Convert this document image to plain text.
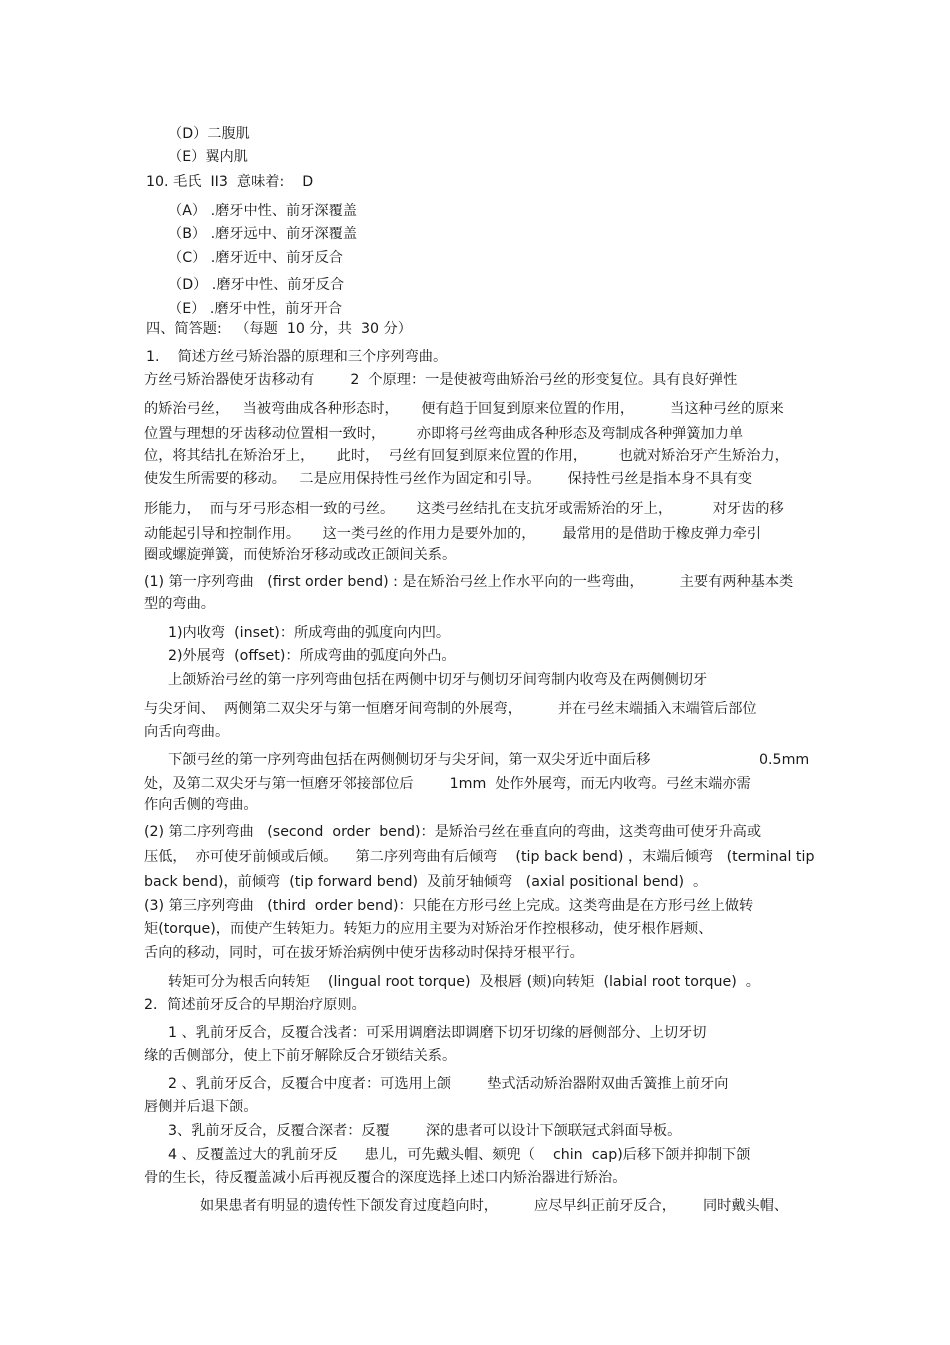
（D）二腹肌
（E）翼内肌
10. 毛氏  II3  意味着:    D
（A） .磨牙中性、前牙深覆盖
（B） .磨牙远中、前牙深覆盖
（C） .磨牙近中、前牙反合
（D） .磨牙中性、前牙反合
（E） .磨牙中性，前牙开合
四、简答题:   （每题  10 分，共  30 分）
1.    简述方丝弓矫治器的原理和三个序列弯曲。
方丝弓矫治器使牙齿移动有        2  个原理：一是使被弯曲矫治弓丝的形变复位。具有良好弹性
的矫治弓丝，   当被弯曲成各种形态时，     便有趋于回复到原来位置的作用，        当这种弓丝的原来
位置与理想的牙齿移动位置相一致时，       亦即将弓丝弯曲成各种形态及弯制成各种弹簧加力单
位，将其结扎在矫治牙上，     此时，  弓丝有回复到原来位置的作用，       也就对矫治牙产生矫治力，
使发生所需要的移动。   二是应用保持性弓丝作为固定和引导。      保持性弓丝是指本身不具有变
形能力，  而与牙弓形态相一致的弓丝。     这类弓丝结扎在支抗牙或需矫治的牙上，         对牙齿的移
动能起引导和控制作用。     这一类弓丝的作用力是要外加的，      最常用的是借助于橡皮弹力牵引
圈或螺旋弹簧，而使矫治牙移动或改正颌间关系。
(1) 第一序列弯曲   (first order bend) : 是在矫治弓丝上作水平向的一些弯曲，        主要有两种基本类
型的弯曲。
1)内收弯  (inset)：所成弯曲的弧度向内凹。
2)外展弯  (offset)：所成弯曲的弧度向外凸。
上颌矫治弓丝的第一序列弯曲包括在两侧中切牙与侧切牙间弯制内收弯及在两侧侧切牙
与尖牙间、  两侧第二双尖牙与第一恒磨牙间弯制的外展弯，        并在弓丝末端插入末端管后部位
向舌向弯曲。
下颌弓丝的第一序列弯曲包括在两侧侧切牙与尖牙间，第一双尖牙近中面后移	0.5mm
处，及第二双尖牙与第一恒磨牙邻接部位后        1mm  处作外展弯，而无内收弯。弓丝末端亦需
作向舌侧的弯曲。
(2) 第二序列弯曲   (second  order  bend)：是矫治弓丝在垂直向的弯曲，这类弯曲可使牙升高或
压低，  亦可使牙前倾或后倾。    第二序列弯曲有后倾弯    (tip back bend) ，末端后倾弯   (terminal tip
back bend)，前倾弯  (tip forward bend)  及前牙轴倾弯   (axial positional bend)  。
(3) 第三序列弯曲   (third  order bend)：只能在方形弓丝上完成。这类弯曲是在方形弓丝上做转
矩(torque)，而使产生转矩力。转矩力的应用主要为对矫治牙作控根移动，使牙根作唇颊、
舌向的移动，同时，可在拔牙矫治病例中使牙齿移动时保持牙根平行。
转矩可分为根舌向转矩    (lingual root torque)  及根唇 (颊)向转矩  (labial root torque)  。
2．简述前牙反合的早期治疗原则。
1 、乳前牙反合，反覆合浅者：可采用调磨法即调磨下切牙切缘的唇侧部分、上切牙切
缘的舌侧部分，使上下前牙解除反合牙锁结关系。
2 、乳前牙反合，反覆合中度者：可选用上颌        垫式活动矫治器附双曲舌簧推上前牙向
唇侧并后退下颌。
3、乳前牙反合，反覆合深者：反覆        深的患者可以设计下颌联冠式斜面导板。
4 、反覆盖过大的乳前牙反      患儿，可先戴头帽、颏兜（    chin  cap)后移下颌并抑制下颌
骨的生长，待反覆盖减小后再视反覆合的深度选择上述口内矫治器进行矫治。
如果患者有明显的遗传性下颌发育过度趋向时，        应尽早纠正前牙反合，      同时戴头帽、
